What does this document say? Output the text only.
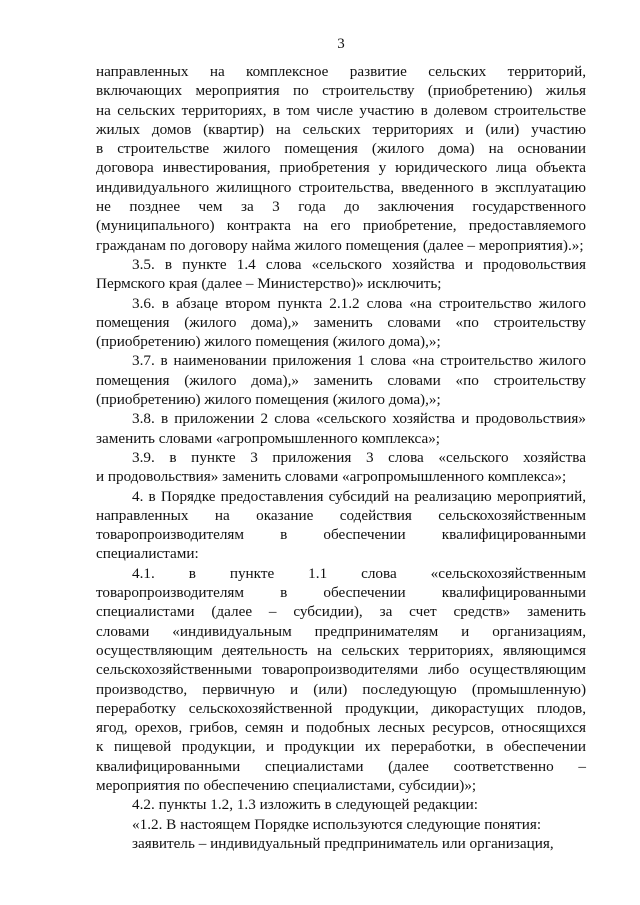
3
направленных на комплексное развитие сельских территорий,
включающих мероприятия по строительству (приобретению) жилья
на сельских территориях, в том числе участию в долевом строительстве
жилых домов (квартир) на сельских территориях и (или) участию
в строительстве жилого помещения (жилого дома) на основании
договора инвестирования, приобретения у юридического лица объекта
индивидуального жилищного строительства, введенного в эксплуатацию
не позднее чем за 3 года до заключения государственного
(муниципального) контракта на его приобретение, предоставляемого
гражданам по договору найма жилого помещения (далее – мероприятия).»;
3.5. в пункте 1.4 слова «сельского хозяйства и продовольствия
Пермского края (далее – Министерство)» исключить;
3.6. в абзаце втором пункта 2.1.2 слова «на строительство жилого
помещения (жилого дома),» заменить словами «по строительству
(приобретению) жилого помещения (жилого дома),»;
3.7. в наименовании приложения 1 слова «на строительство жилого
помещения (жилого дома),» заменить словами «по строительству
(приобретению) жилого помещения (жилого дома),»;
3.8. в приложении 2 слова «сельского хозяйства и продовольствия»
заменить словами «агропромышленного комплекса»;
3.9. в пункте 3 приложения 3 слова «сельского хозяйства
и продовольствия» заменить словами «агропромышленного комплекса»;
4. в Порядке предоставления субсидий на реализацию мероприятий,
направленных на оказание содействия сельскохозяйственным
товаропроизводителям в обеспечении квалифицированными
специалистами:
4.1. в пункте 1.1 слова «сельскохозяйственным
товаропроизводителям в обеспечении квалифицированными
специалистами (далее – субсидии), за счет средств» заменить
словами «индивидуальным предпринимателям и организациям,
осуществляющим деятельность на сельских территориях, являющимся
сельскохозяйственными товаропроизводителями либо осуществляющим
производство, первичную и (или) последующую (промышленную)
переработку сельскохозяйственной продукции, дикорастущих плодов,
ягод, орехов, грибов, семян и подобных лесных ресурсов, относящихся
к пищевой продукции, и продукции их переработки, в обеспечении
квалифицированными специалистами (далее соответственно –
мероприятия по обеспечению специалистами, субсидии)»;
4.2. пункты 1.2, 1.3 изложить в следующей редакции:
«1.2. В настоящем Порядке используются следующие понятия:
заявитель – индивидуальный предприниматель или организация,
